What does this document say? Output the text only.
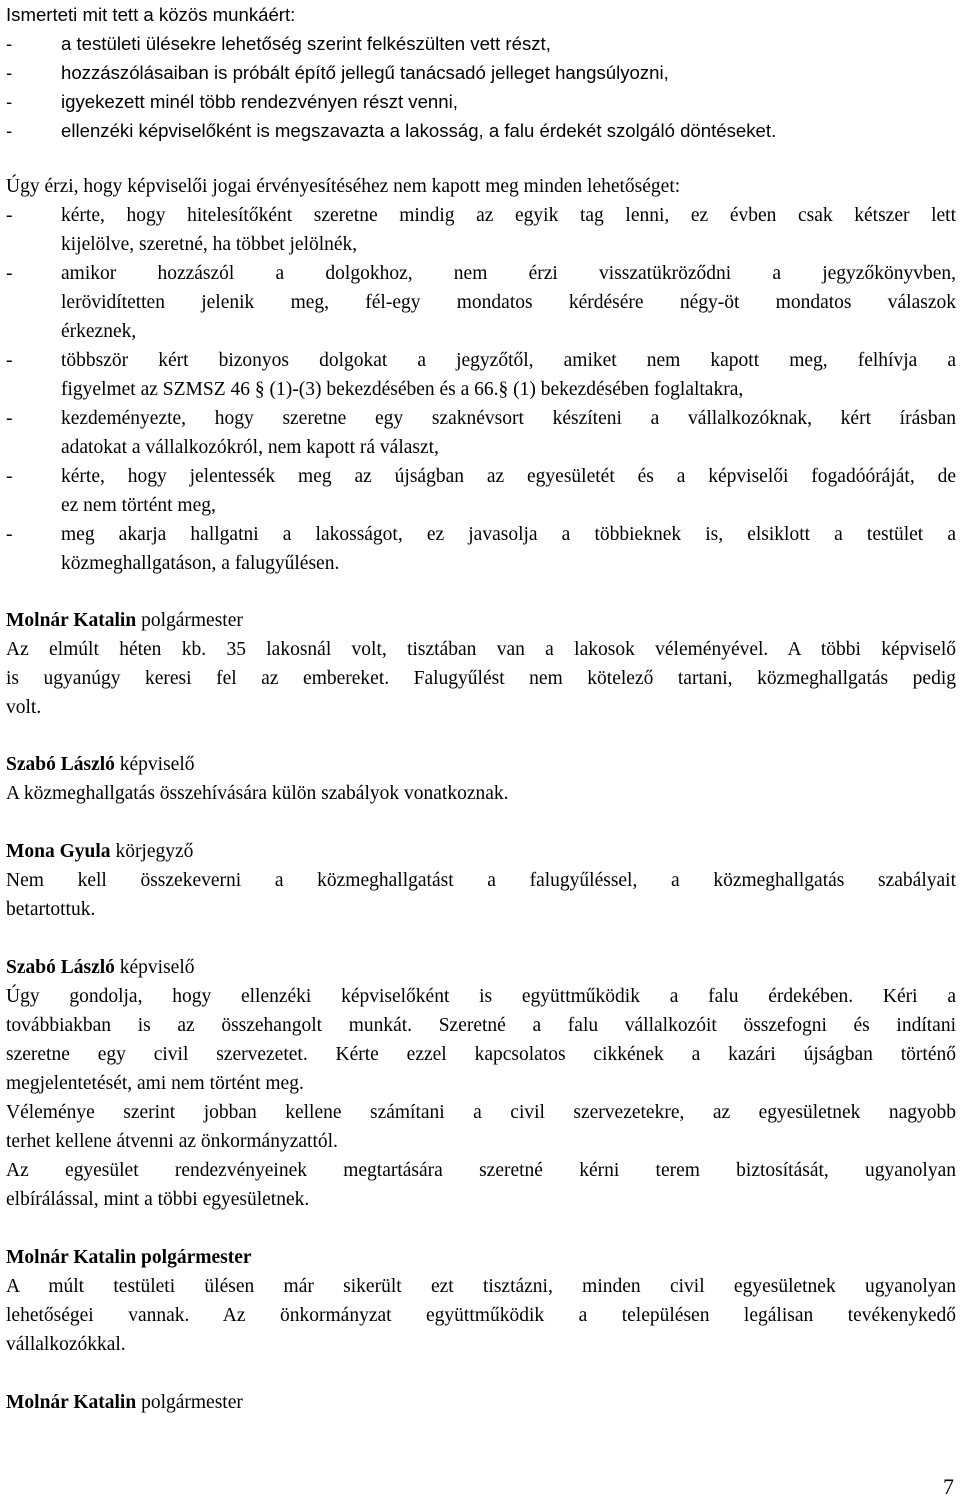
Ismerteti mit tett a közös munkáért:
-	a testületi ülésekre lehetőség szerint felkészülten vett részt,
-	hozzászólásaiban is próbált építő jellegű tanácsadó jelleget hangsúlyozni,
-	igyekezett minél több rendezvényen részt venni,
-	ellenzéki képviselőként is megszavazta a lakosság, a falu érdekét szolgáló döntéseket.
Úgy érzi, hogy képviselői jogai érvényesítéséhez nem kapott meg minden lehetőséget:
- kérte, hogy hitelesítőként szeretne mindig az egyik tag lenni, ez évben csak kétszer lett
kijelölve, szeretné, ha többet jelölnék,
- amikor hozzászól a dolgokhoz, nem érzi visszatükröződni a jegyzőkönyvben,
lerövidítetten jelenik meg, fél-egy mondatos kérdésére négy-öt mondatos válaszok
érkeznek,
- többször kért bizonyos dolgokat a jegyzőtől, amiket nem kapott meg, felhívja a
figyelmet az SZMSZ 46 § (1)-(3) bekezdésében és a 66.§ (1) bekezdésében foglaltakra,
- kezdeményezte, hogy szeretne egy szaknévsort készíteni a vállalkozóknak, kért írásban
adatokat a vállalkozókról, nem kapott rá választ,
- kérte, hogy jelentessék meg az újságban az egyesületét és a képviselői fogadóóráját, de
ez nem történt meg,
- meg akarja hallgatni a lakosságot, ez javasolja a többieknek is, elsiklott a testület a
közmeghallgatáson, a falugyűlésen.
Molnár Katalin polgármester
Az elmúlt héten kb. 35 lakosnál volt, tisztában van a lakosok véleményével. A többi képviselő
is ugyanúgy keresi fel az embereket. Falugyűlést nem kötelező tartani, közmeghallgatás pedig
volt.
Szabó László képviselő
A közmeghallgatás összehívására külön szabályok vonatkoznak.
Mona Gyula körjegyző
Nem kell összekeverni a közmeghallgatást a falugyűléssel, a közmeghallgatás szabályait
betartottuk.
Szabó László képviselő
Úgy gondolja, hogy ellenzéki képviselőként is együttműködik a falu érdekében. Kéri a
továbbiakban is az összehangolt munkát. Szeretné a falu vállalkozóit összefogni és indítani
szeretne egy civil szervezetet. Kérte ezzel kapcsolatos cikkének a kazári újságban történő
megjelentetését, ami nem történt meg.
Véleménye szerint jobban kellene számítani a civil szervezetekre, az egyesületnek nagyobb
terhet kellene átvenni az önkormányzattól.
Az egyesület rendezvényeinek megtartására szeretné kérni terem biztosítását, ugyanolyan
elbírálással, mint a többi egyesületnek.
Molnár Katalin polgármester
A múlt testületi ülésen már sikerült ezt tisztázni, minden civil egyesületnek ugyanolyan
lehetőségei vannak. Az önkormányzat együttműködik a településen legálisan tevékenykedő
vállalkozókkal.
Molnár Katalin polgármester
7
